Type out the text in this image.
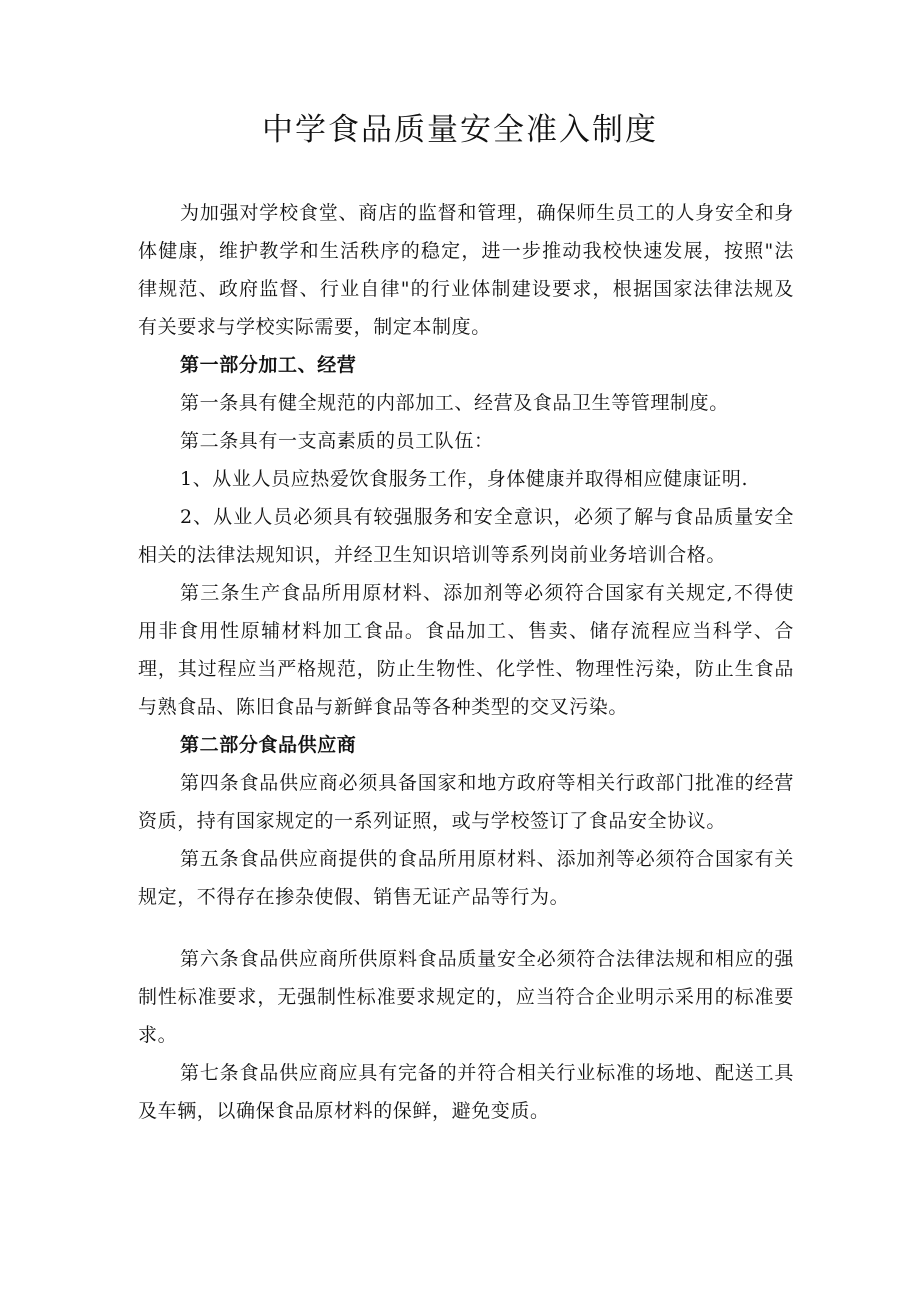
中学食品质量安全准入制度

为加强对学校食堂、商店的监督和管理，确保师生员工的人身安全和身体健康，维护教学和生活秩序的稳定，进一步推动我校快速发展，按照"法律规范、政府监督、行业自律"的行业体制建设要求，根据国家法律法规及有关要求与学校实际需要，制定本制度。

第一部分加工、经营

第一条具有健全规范的内部加工、经营及食品卫生等管理制度。

第二条具有一支高素质的员工队伍：

1、从业人员应热爱饮食服务工作，身体健康并取得相应健康证明.

2、从业人员必须具有较强服务和安全意识，必须了解与食品质量安全相关的法律法规知识，并经卫生知识培训等系列岗前业务培训合格。

第三条生产食品所用原材料、添加剂等必须符合国家有关规定,不得使用非食用性原辅材料加工食品。食品加工、售卖、储存流程应当科学、合理，其过程应当严格规范，防止生物性、化学性、物理性污染，防止生食品与熟食品、陈旧食品与新鲜食品等各种类型的交叉污染。

第二部分食品供应商

第四条食品供应商必须具备国家和地方政府等相关行政部门批准的经营资质，持有国家规定的一系列证照，或与学校签订了食品安全协议。

第五条食品供应商提供的食品所用原材料、添加剂等必须符合国家有关规定，不得存在掺杂使假、销售无证产品等行为。

第六条食品供应商所供原料食品质量安全必须符合法律法规和相应的强制性标准要求，无强制性标准要求规定的，应当符合企业明示采用的标准要求。

第七条食品供应商应具有完备的并符合相关行业标准的场地、配送工具及车辆，以确保食品原材料的保鲜，避免变质。
